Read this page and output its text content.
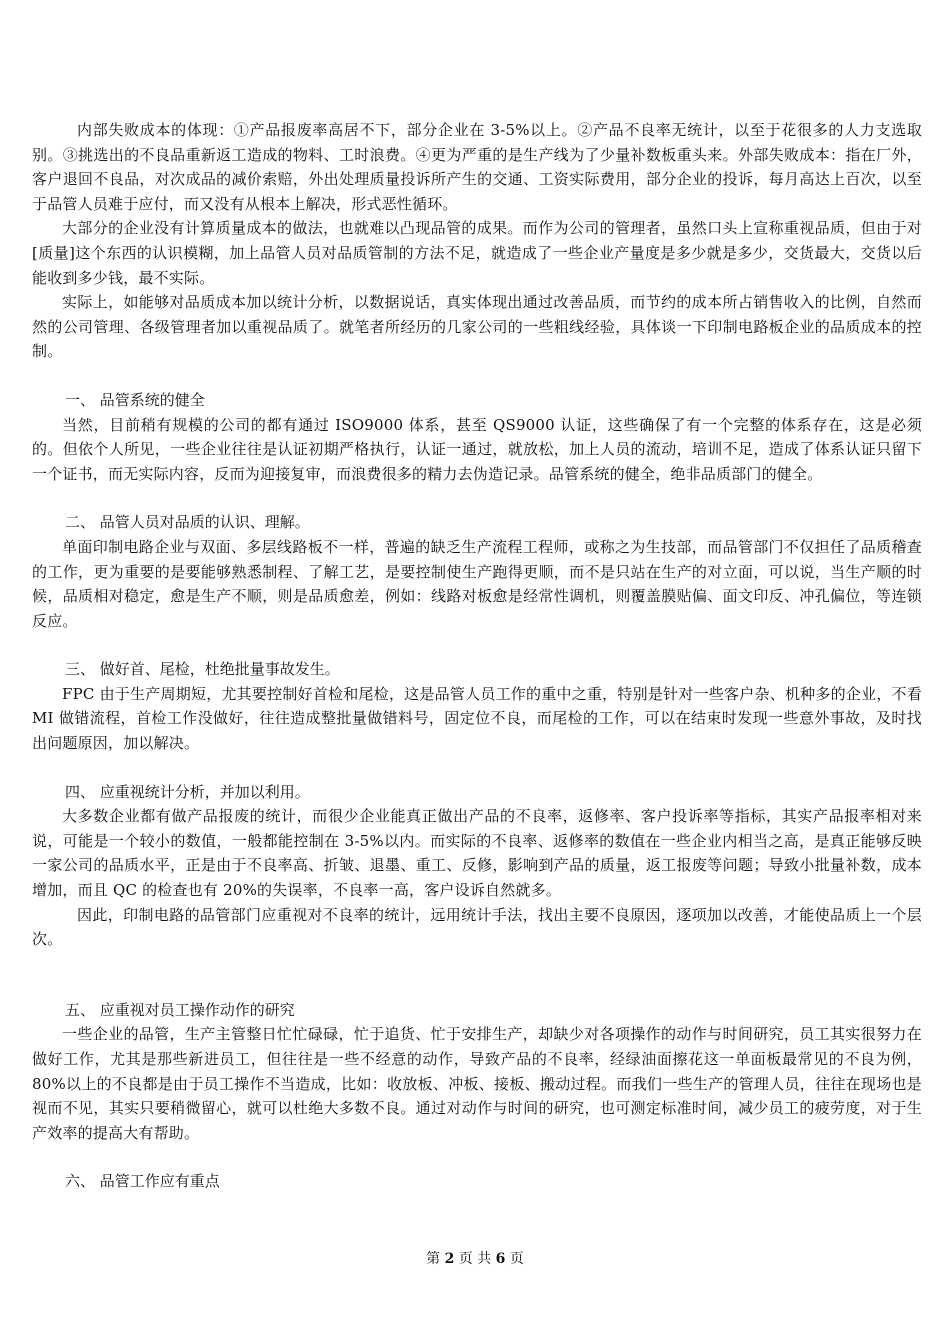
内部失败成本的体现：①产品报废率高居不下，部分企业在 3-5%以上。②产品不良率无统计，以至于花很多的人力支选取别。③挑选出的不良品重新返工造成的物料、工时浪费。④更为严重的是生产线为了少量补数板重头来。外部失败成本：指在厂外，客户退回不良品，对次成品的减价索赔，外出处理质量投诉所产生的交通、工资实际费用，部分企业的投诉，每月高达上百次，以至于品管人员难于应付，而又没有从根本上解决，形式恶性循环。

大部分的企业没有计算质量成本的做法，也就难以凸现品管的成果。而作为公司的管理者，虽然口头上宣称重视品质，但由于对[质量]这个东西的认识模糊，加上品管人员对品质管制的方法不足，就造成了一些企业产量度是多少就是多少，交货最大，交货以后能收到多少钱，最不实际。

实际上，如能够对品质成本加以统计分析，以数据说话，真实体现出通过改善品质，而节约的成本所占销售收入的比例，自然而然的公司管理、各级管理者加以重视品质了。就笔者所经历的几家公司的一些粗线经验，具体谈一下印制电路板企业的品质成本的控制。

一、 品管系统的健全

当然，目前稍有规模的公司的都有通过 ISO9000 体系，甚至 QS9000 认证，这些确保了有一个完整的体系存在，这是必须的。但依个人所见，一些企业往往是认证初期严格执行，认证一通过，就放松，加上人员的流动，培训不足，造成了体系认证只留下一个证书，而无实际内容，反而为迎接复审，而浪费很多的精力去伪造记录。品管系统的健全，绝非品质部门的健全。

二、 品管人员对品质的认识、理解。

单面印制电路企业与双面、多层线路板不一样，普遍的缺乏生产流程工程师，或称之为生技部，而品管部门不仅担任了品质稽查的工作，更为重要的是要能够熟悉制程、了解工艺，是要控制使生产跑得更顺，而不是只站在生产的对立面，可以说，当生产顺的时候，品质相对稳定，愈是生产不顺，则是品质愈差，例如：线路对板愈是经常性调机，则覆盖膜贴偏、面文印反、冲孔偏位，等连锁反应。

三、 做好首、尾检，杜绝批量事故发生。

FPC 由于生产周期短，尤其要控制好首检和尾检，这是品管人员工作的重中之重，特别是针对一些客户杂、机种多的企业，不看 MI 做错流程，首检工作没做好，往往造成整批量做错料号，固定位不良，而尾检的工作，可以在结束时发现一些意外事故，及时找出问题原因，加以解决。

四、 应重视统计分析，并加以利用。

大多数企业都有做产品报废的统计，而很少企业能真正做出产品的不良率，返修率、客户投诉率等指标，其实产品报率相对来说，可能是一个较小的数值，一般都能控制在 3-5%以内。而实际的不良率、返修率的数值在一些企业内相当之高，是真正能够反映一家公司的品质水平，正是由于不良率高、折皱、退墨、重工、反修，影响到产品的质量，返工报废等问题；导致小批量补数，成本增加，而且 QC 的检查也有 20%的失误率，不良率一高，客户设诉自然就多。

因此，印制电路的品管部门应重视对不良率的统计，远用统计手法，找出主要不良原因，逐项加以改善，才能使品质上一个层次。

五、 应重视对员工操作动作的研究

一些企业的品管，生产主管整日忙忙碌碌，忙于追货、忙于安排生产，却缺少对各项操作的动作与时间研究，员工其实很努力在做好工作，尤其是那些新进员工，但往往是一些不经意的动作，导致产品的不良率，经绿油面擦花这一单面板最常见的不良为例，80%以上的不良都是由于员工操作不当造成，比如：收放板、冲板、接板、搬动过程。而我们一些生产的管理人员，往往在现场也是视而不见，其实只要稍微留心，就可以杜绝大多数不良。通过对动作与时间的研究，也可测定标准时间，减少员工的疲劳度，对于生产效率的提高大有帮助。

六、 品管工作应有重点
第 2 页 共 6 页
